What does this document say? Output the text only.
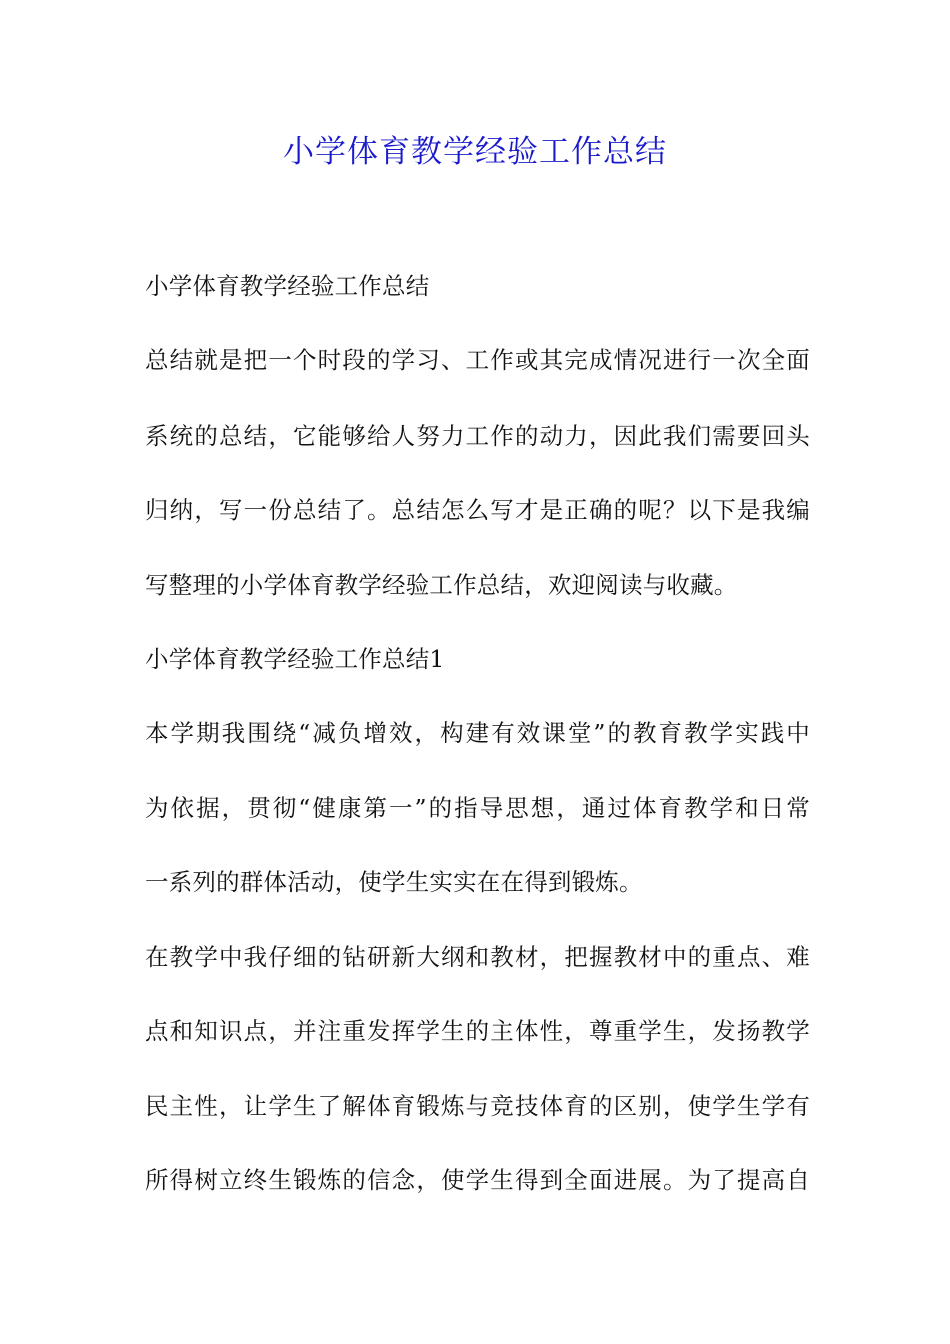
小学体育教学经验工作总结

小学体育教学经验工作总结

总结就是把一个时段的学习、工作或其完成情况进行一次全面

系统的总结，它能够给人努力工作的动力，因此我们需要回头

归纳，写一份总结了。总结怎么写才是正确的呢？以下是我编

写整理的小学体育教学经验工作总结，欢迎阅读与收藏。

小学体育教学经验工作总结1

本学期我围绕“减负增效，构建有效课堂”的教育教学实践中

为依据，贯彻“健康第一”的指导思想，通过体育教学和日常

一系列的群体活动，使学生实实在在得到锻炼。

在教学中我仔细的钻研新大纲和教材，把握教材中的重点、难

点和知识点，并注重发挥学生的主体性，尊重学生，发扬教学

民主性，让学生了解体育锻炼与竞技体育的区别，使学生学有

所得树立终生锻炼的信念，使学生得到全面进展。为了提高自
